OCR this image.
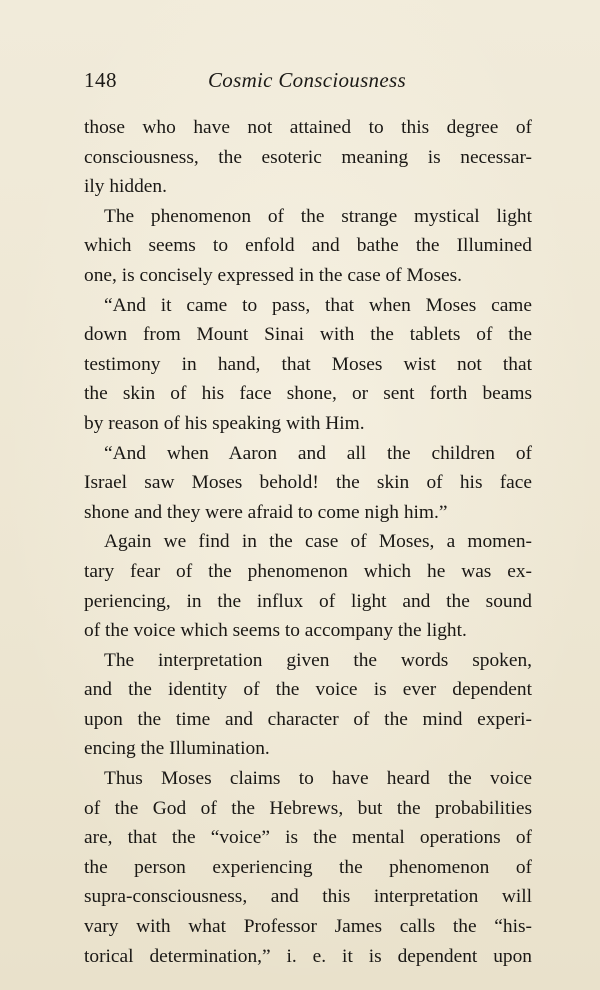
148	Cosmic Consciousness
those who have not attained to this degree of
consciousness, the esoteric meaning is necessar-
ily hidden.
The phenomenon of the strange mystical light
which seems to enfold and bathe the Illumined
one, is concisely expressed in the case of Moses.
“And it came to pass, that when Moses came
down from Mount Sinai with the tablets of the
testimony in hand, that Moses wist not that
the skin of his face shone, or sent forth beams
by reason of his speaking with Him.
“And when Aaron and all the children of
Israel saw Moses behold! the skin of his face
shone and they were afraid to come nigh him.”
Again we find in the case of Moses, a momen-
tary fear of the phenomenon which he was ex-
periencing, in the influx of light and the sound
of the voice which seems to accompany the light.
The interpretation given the words spoken,
and the identity of the voice is ever dependent
upon the time and character of the mind experi-
encing the Illumination.
Thus Moses claims to have heard the voice
of the God of the Hebrews, but the probabilities
are, that the “voice” is the mental operations of
the person experiencing the phenomenon of
supra-consciousness, and this interpretation will
vary with what Professor James calls the “his-
torical determination,” i. e. it is dependent upon
